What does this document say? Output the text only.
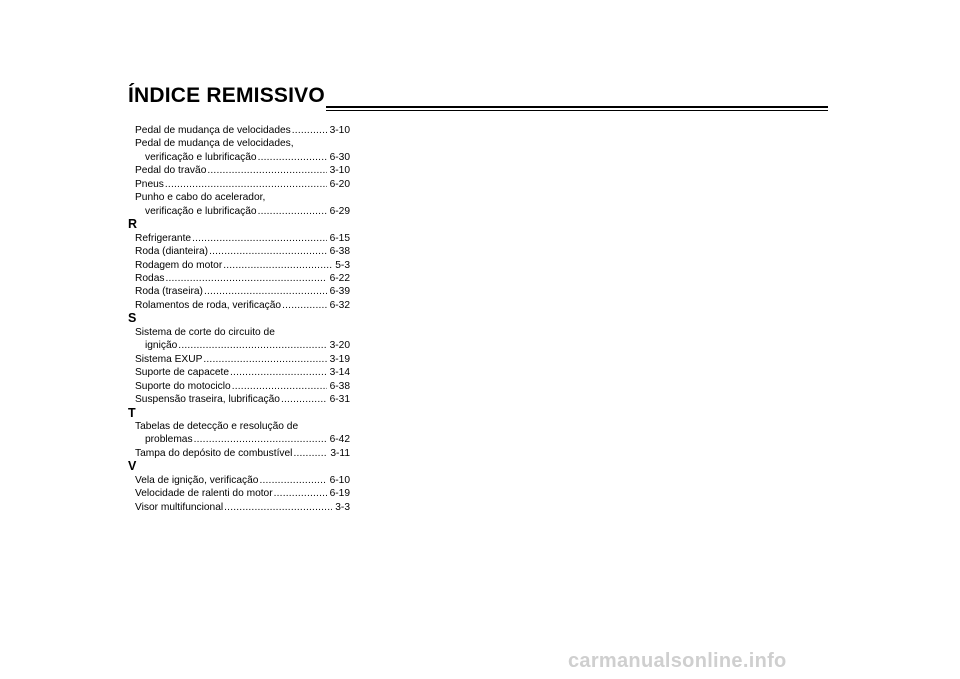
ÍNDICE REMISSIVO
Pedal de mudança de velocidades .....	3-10
Pedal de mudança de velocidades,
verificação e lubrificação .....	6-30
Pedal do travão .....	3-10
Pneus .....	6-20
Punho e cabo do acelerador,
verificação e lubrificação .....	6-29
R
Refrigerante .....	6-15
Roda (dianteira) .....	6-38
Rodagem do motor .....	5-3
Rodas .....	6-22
Roda (traseira) .....	6-39
Rolamentos de roda, verificação .....	6-32
S
Sistema de corte do circuito de
ignição .....	3-20
Sistema EXUP .....	3-19
Suporte de capacete .....	3-14
Suporte do motociclo .....	6-38
Suspensão traseira, lubrificação .....	6-31
T
Tabelas de detecção e resolução de
problemas .....	6-42
Tampa do depósito de combustível .....	3-11
V
Vela de ignição, verificação .....	6-10
Velocidade de ralenti do motor .....	6-19
Visor multifuncional .....	3-3
carmanualsonline.info
